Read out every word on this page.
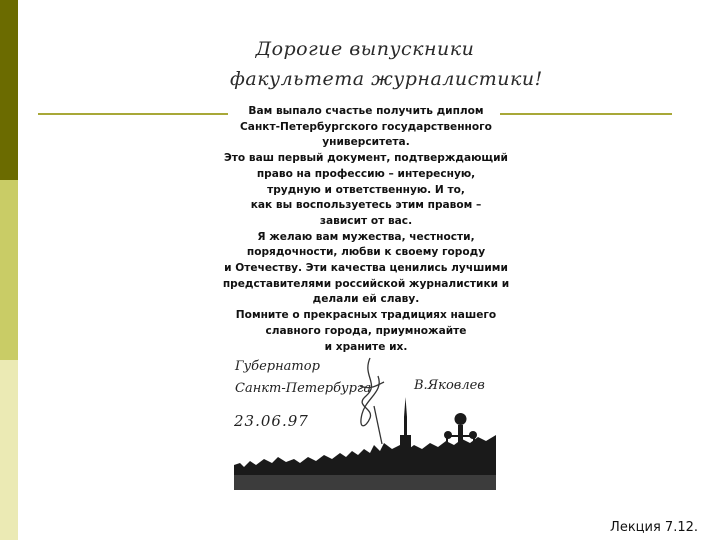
Дорогие выпускники
факультета журналистики!
Вам выпало счастье получить диплом
Санкт-Петербургского государственного
университета.
Это ваш первый документ, подтверждающий
право на профессию – интересную,
трудную и ответственную. И то,
как вы воспользуетесь этим правом –
зависит от вас.
Я желаю вам мужества, честности,
порядочности, любви к своему городу
и Отечеству. Эти качества ценились лучшими
представителями российской журналистики и
делали ей славу.
Помните о прекрасных традициях нашего
славного города, приумножайте
и храните их.
Губернатор
Санкт-Петербурга	В.Яковлев
23.06.97
Лекция 7.12.
